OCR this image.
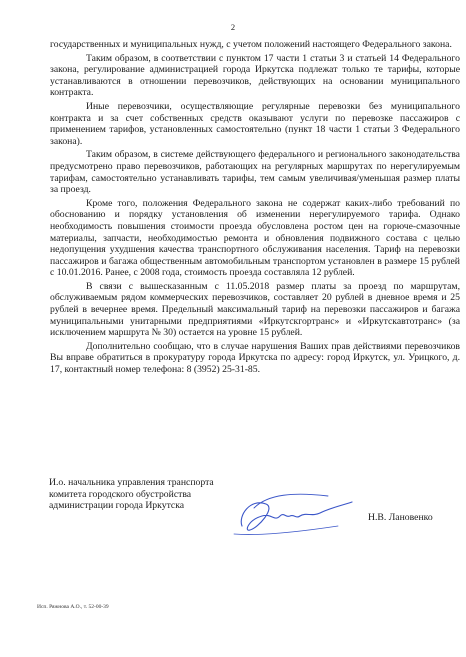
2

государственных и муниципальных нужд, с учетом положений настоящего Федерального закона.

Таким образом, в соответствии с пунктом 17 части 1 статьи 3 и статьей 14 Федерального закона, регулирование администрацией города Иркутска подлежат только те тарифы, которые устанавливаются в отношении перевозчиков, действующих на основании муниципального контракта.

Иные перевозчики, осуществляющие регулярные перевозки без муниципального контракта и за счет собственных средств оказывают услуги по перевозке пассажиров с применением тарифов, установленных самостоятельно (пункт 18 части 1 статьи 3 Федерального закона).

Таким образом, в системе действующего федерального и регионального законодательства предусмотрено право перевозчиков, работающих на регулярных маршрутах по нерегулируемым тарифам, самостоятельно устанавливать тарифы, тем самым увеличивая/уменьшая размер платы за проезд.

Кроме того, положения Федерального закона не содержат каких-либо требований по обоснованию и порядку установления об изменении нерегулируемого тарифа. Однако необходимость повышения стоимости проезда обусловлена ростом цен на горюче-смазочные материалы, запчасти, необходимостью ремонта и обновления подвижного состава с целью недопущения ухудшения качества транспортного обслуживания населения. Тариф на перевозки пассажиров и багажа общественным автомобильным транспортом установлен в размере 15 рублей с 10.01.2016. Ранее, с 2008 года, стоимость проезда составляла 12 рублей.

В связи с вышесказанным с 11.05.2018 размер платы за проезд по маршрутам, обслуживаемым рядом коммерческих перевозчиков, составляет 20 рублей в дневное время и 25 рублей в вечернее время. Предельный максимальный тариф на перевозки пассажиров и багажа муниципальными унитарными предприятиями «Иркутскгортранс» и «Иркутскавтотранс» (за исключением маршрута № 30) остается на уровне 15 рублей.

Дополнительно сообщаю, что в случае нарушения Ваших прав действиями перевозчиков Вы вправе обратиться в прокуратуру города Иркутска по адресу: город Иркутск, ул. Урицкого, д. 17, контактный номер телефона: 8 (3952) 25-31-85.

И.о. начальника управления транспорта
комитета городского обустройства
администрации города Иркутска
Н.В. Лановенко
Исп. Ряжнова А.О., т. 52-00-39
